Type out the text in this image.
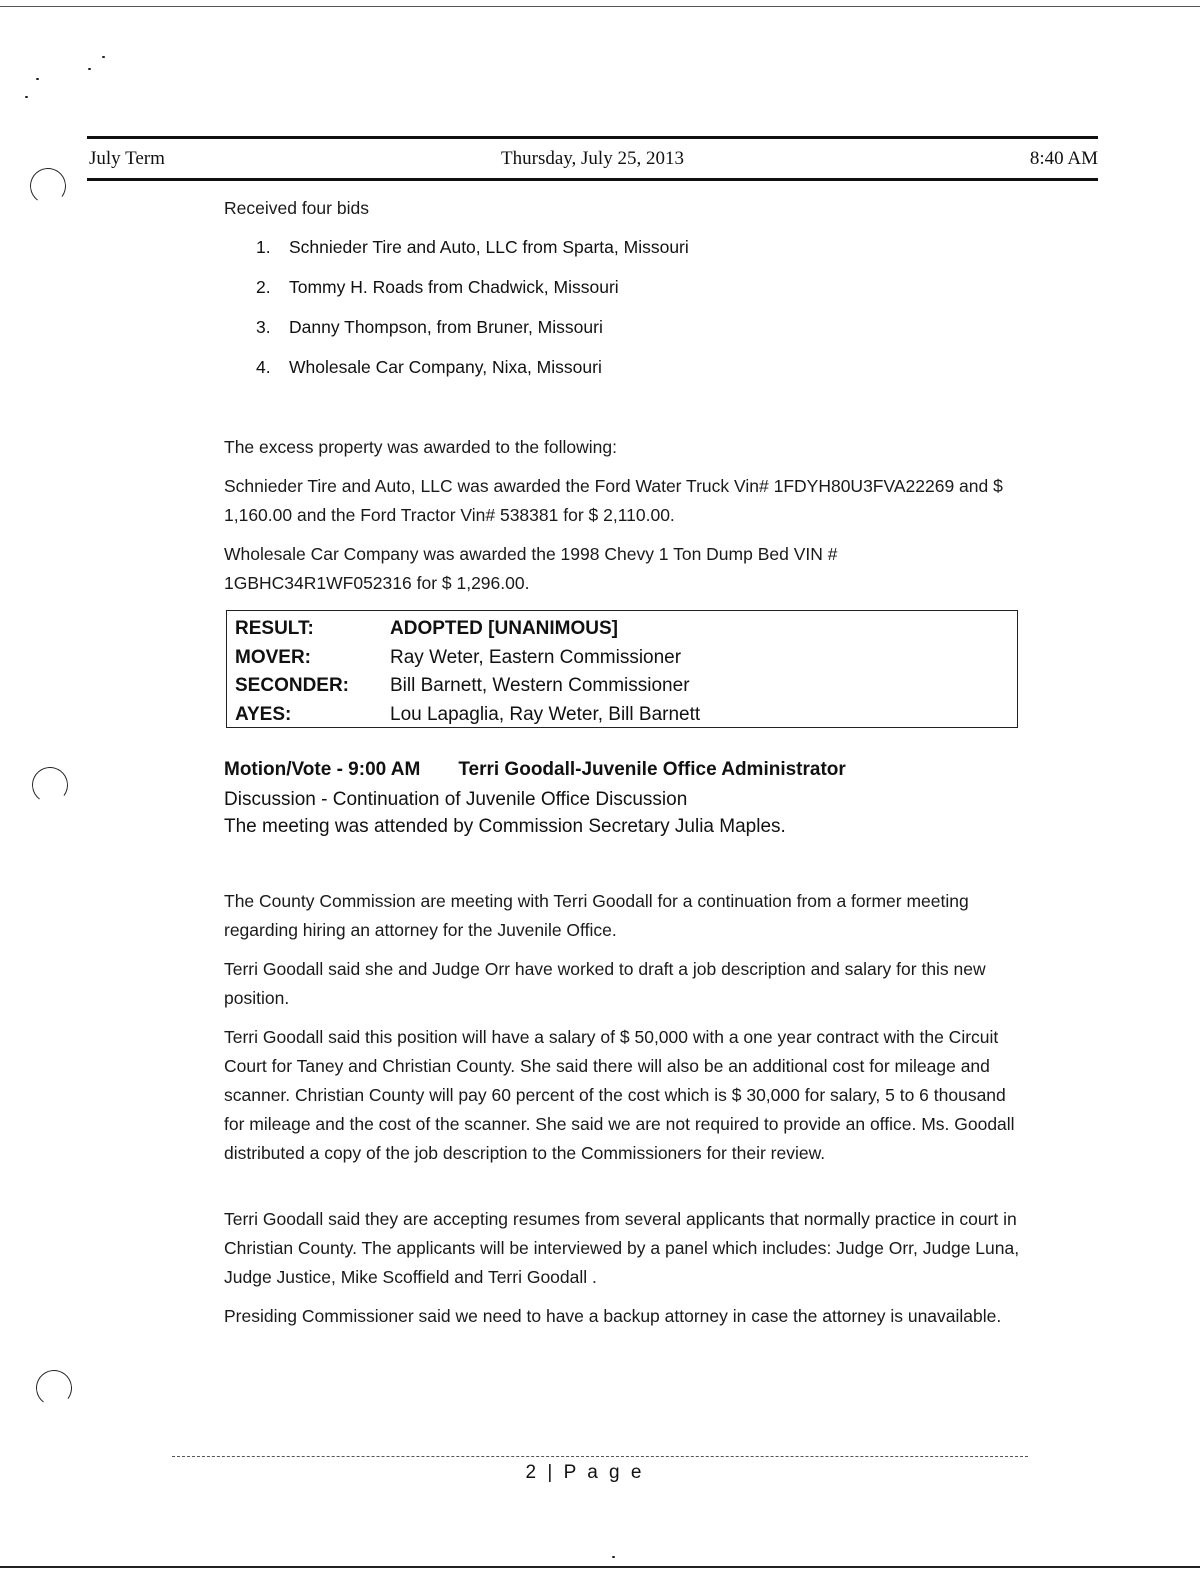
July Term	Thursday, July 25, 2013	8:40 AM
Received four bids
1. Schnieder Tire and Auto, LLC from Sparta, Missouri
2. Tommy H. Roads from Chadwick, Missouri
3. Danny Thompson, from Bruner, Missouri
4. Wholesale Car Company, Nixa, Missouri
The excess property was awarded to the following:
Schnieder Tire and Auto, LLC was awarded the Ford Water Truck Vin# 1FDYH80U3FVA22269 and $ 1,160.00 and the Ford Tractor Vin# 538381 for $ 2,110.00.
Wholesale Car Company was awarded the 1998 Chevy 1 Ton Dump Bed VIN # 1GBHC34R1WF052316 for $ 1,296.00.
RESULT:	ADOPTED [UNANIMOUS]
MOVER:	Ray Weter, Eastern Commissioner
SECONDER:	Bill Barnett, Western Commissioner
AYES:	Lou Lapaglia, Ray Weter, Bill Barnett
Motion/Vote - 9:00 AM Terri Goodall-Juvenile Office Administrator
Discussion - Continuation of Juvenile Office Discussion
The meeting was attended by Commission Secretary Julia Maples.
The County Commission are meeting with Terri Goodall for a continuation from a former meeting regarding hiring an attorney for the Juvenile Office.
Terri Goodall said she and Judge Orr have worked to draft a job description and salary for this new position.
Terri Goodall said this position will have a salary of $ 50,000 with a one year contract with the Circuit Court for Taney and Christian County. She said there will also be an additional cost for mileage and scanner. Christian County will pay 60 percent of the cost which is $ 30,000 for salary, 5 to 6 thousand for mileage and the cost of the scanner. She said we are not required to provide an office. Ms. Goodall distributed a copy of the job description to the Commissioners for their review.
Terri Goodall said they are accepting resumes from several applicants that normally practice in court in Christian County. The applicants will be interviewed by a panel which includes: Judge Orr, Judge Luna, Judge Justice, Mike Scoffield and Terri Goodall .
Presiding Commissioner said we need to have a backup attorney in case the attorney is unavailable.
2 | P a g e
